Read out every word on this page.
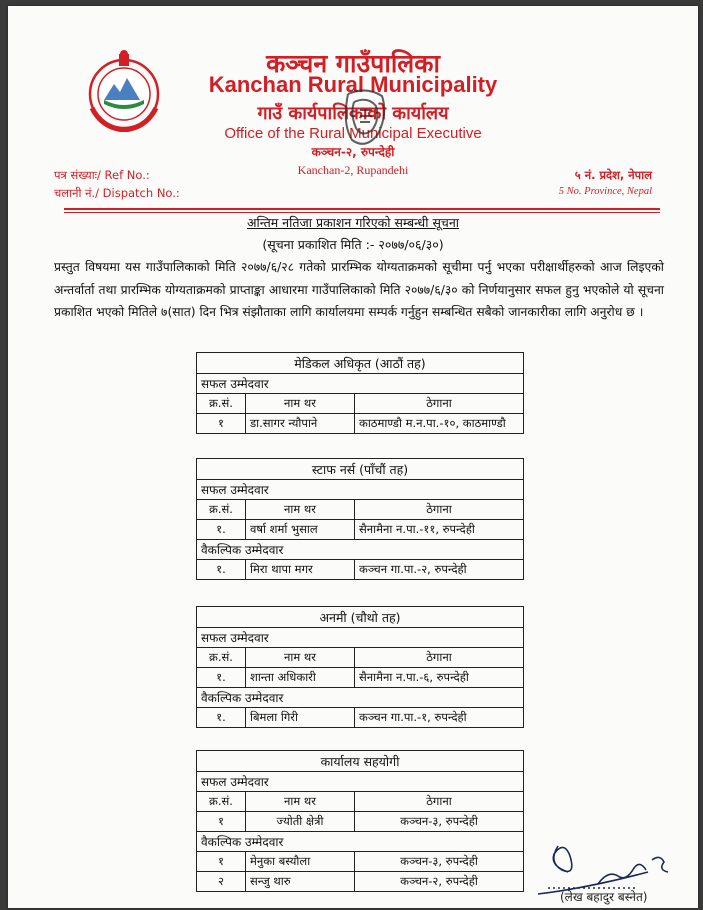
कञ्चन गाउँपालिका
Kanchan Rural Municipality
गाउँ कार्यपालिकाको कार्यालय
Office of the Rural Municipal Executive
कञ्चन-२, रुपन्देही
Kanchan-2, Rupandehi
पत्र संख्याः/ Ref No.:
चलानी नं./ Dispatch No.:
५ नं. प्रदेश, नेपाल
5 No. Province, Nepal
अन्तिम नतिजा प्रकाशन गरिएको सम्बन्धी सूचना
(सूचना प्रकाशित मिति :- २०७७/०६/३०)
प्रस्तुत विषयमा यस गाउँपालिकाको मिति २०७७/६/२८ गतेको प्रारम्भिक योग्यताक्रमको सूचीमा पर्नु भएका परीक्षार्थीहरुको आज लिइएको अन्तर्वार्ता तथा प्रारम्भिक योग्यताक्रमको प्राप्ताङ्का आधारमा गाउँपालिकाको मिति २०७७/६/३० को निर्णयानुसार सफल हुनु भएकोले यो सूचना प्रकाशित भएको मितिले ७(सात) दिन भित्र संझौताका लागि कार्यालयमा सम्पर्क गर्नुहुन सम्बन्धित सबैको जानकारीका लागि अनुरोध छ ।
मेडिकल अधिकृत (आठौं तह)		
सफल उम्मेदवार		
क्र.सं.	नाम थर	ठेगाना
१	डा.सागर न्यौपाने	काठमाण्डौ म.न.पा.-१०, काठमाण्डौ
स्टाफ नर्स (पाँचौं तह)		
सफल उम्मेदवार		
क्र.सं.	नाम थर	ठेगाना
१.	वर्षा शर्मा भुसाल	सैनामैना न.पा.-११, रुपन्देही
वैकल्पिक उम्मेदवार		
१.	मिरा थापा मगर	कञ्चन गा.पा.-२, रुपन्देही
अनमी (चौथो तह)		
सफल उम्मेदवार		
क्र.सं.	नाम थर	ठेगाना
१.	शान्ता अधिकारी	सैनामैना न.पा.-६, रुपन्देही
वैकल्पिक उम्मेदवार		
१.	बिमला गिरी	कञ्चन गा.पा.-१, रुपन्देही
कार्यालय सहयोगी		
सफल उम्मेदवार		
क्र.सं.	नाम थर	ठेगाना
१	ज्योती क्षेत्री	कञ्चन-३, रुपन्देही
वैकल्पिक उम्मेदवार		
१	मेनुका बस्यौला	कञ्चन-३, रुपन्देही
२	सन्जु थारु	कञ्चन-२, रुपन्देही
(लेख बहादुर बस्नेत)
